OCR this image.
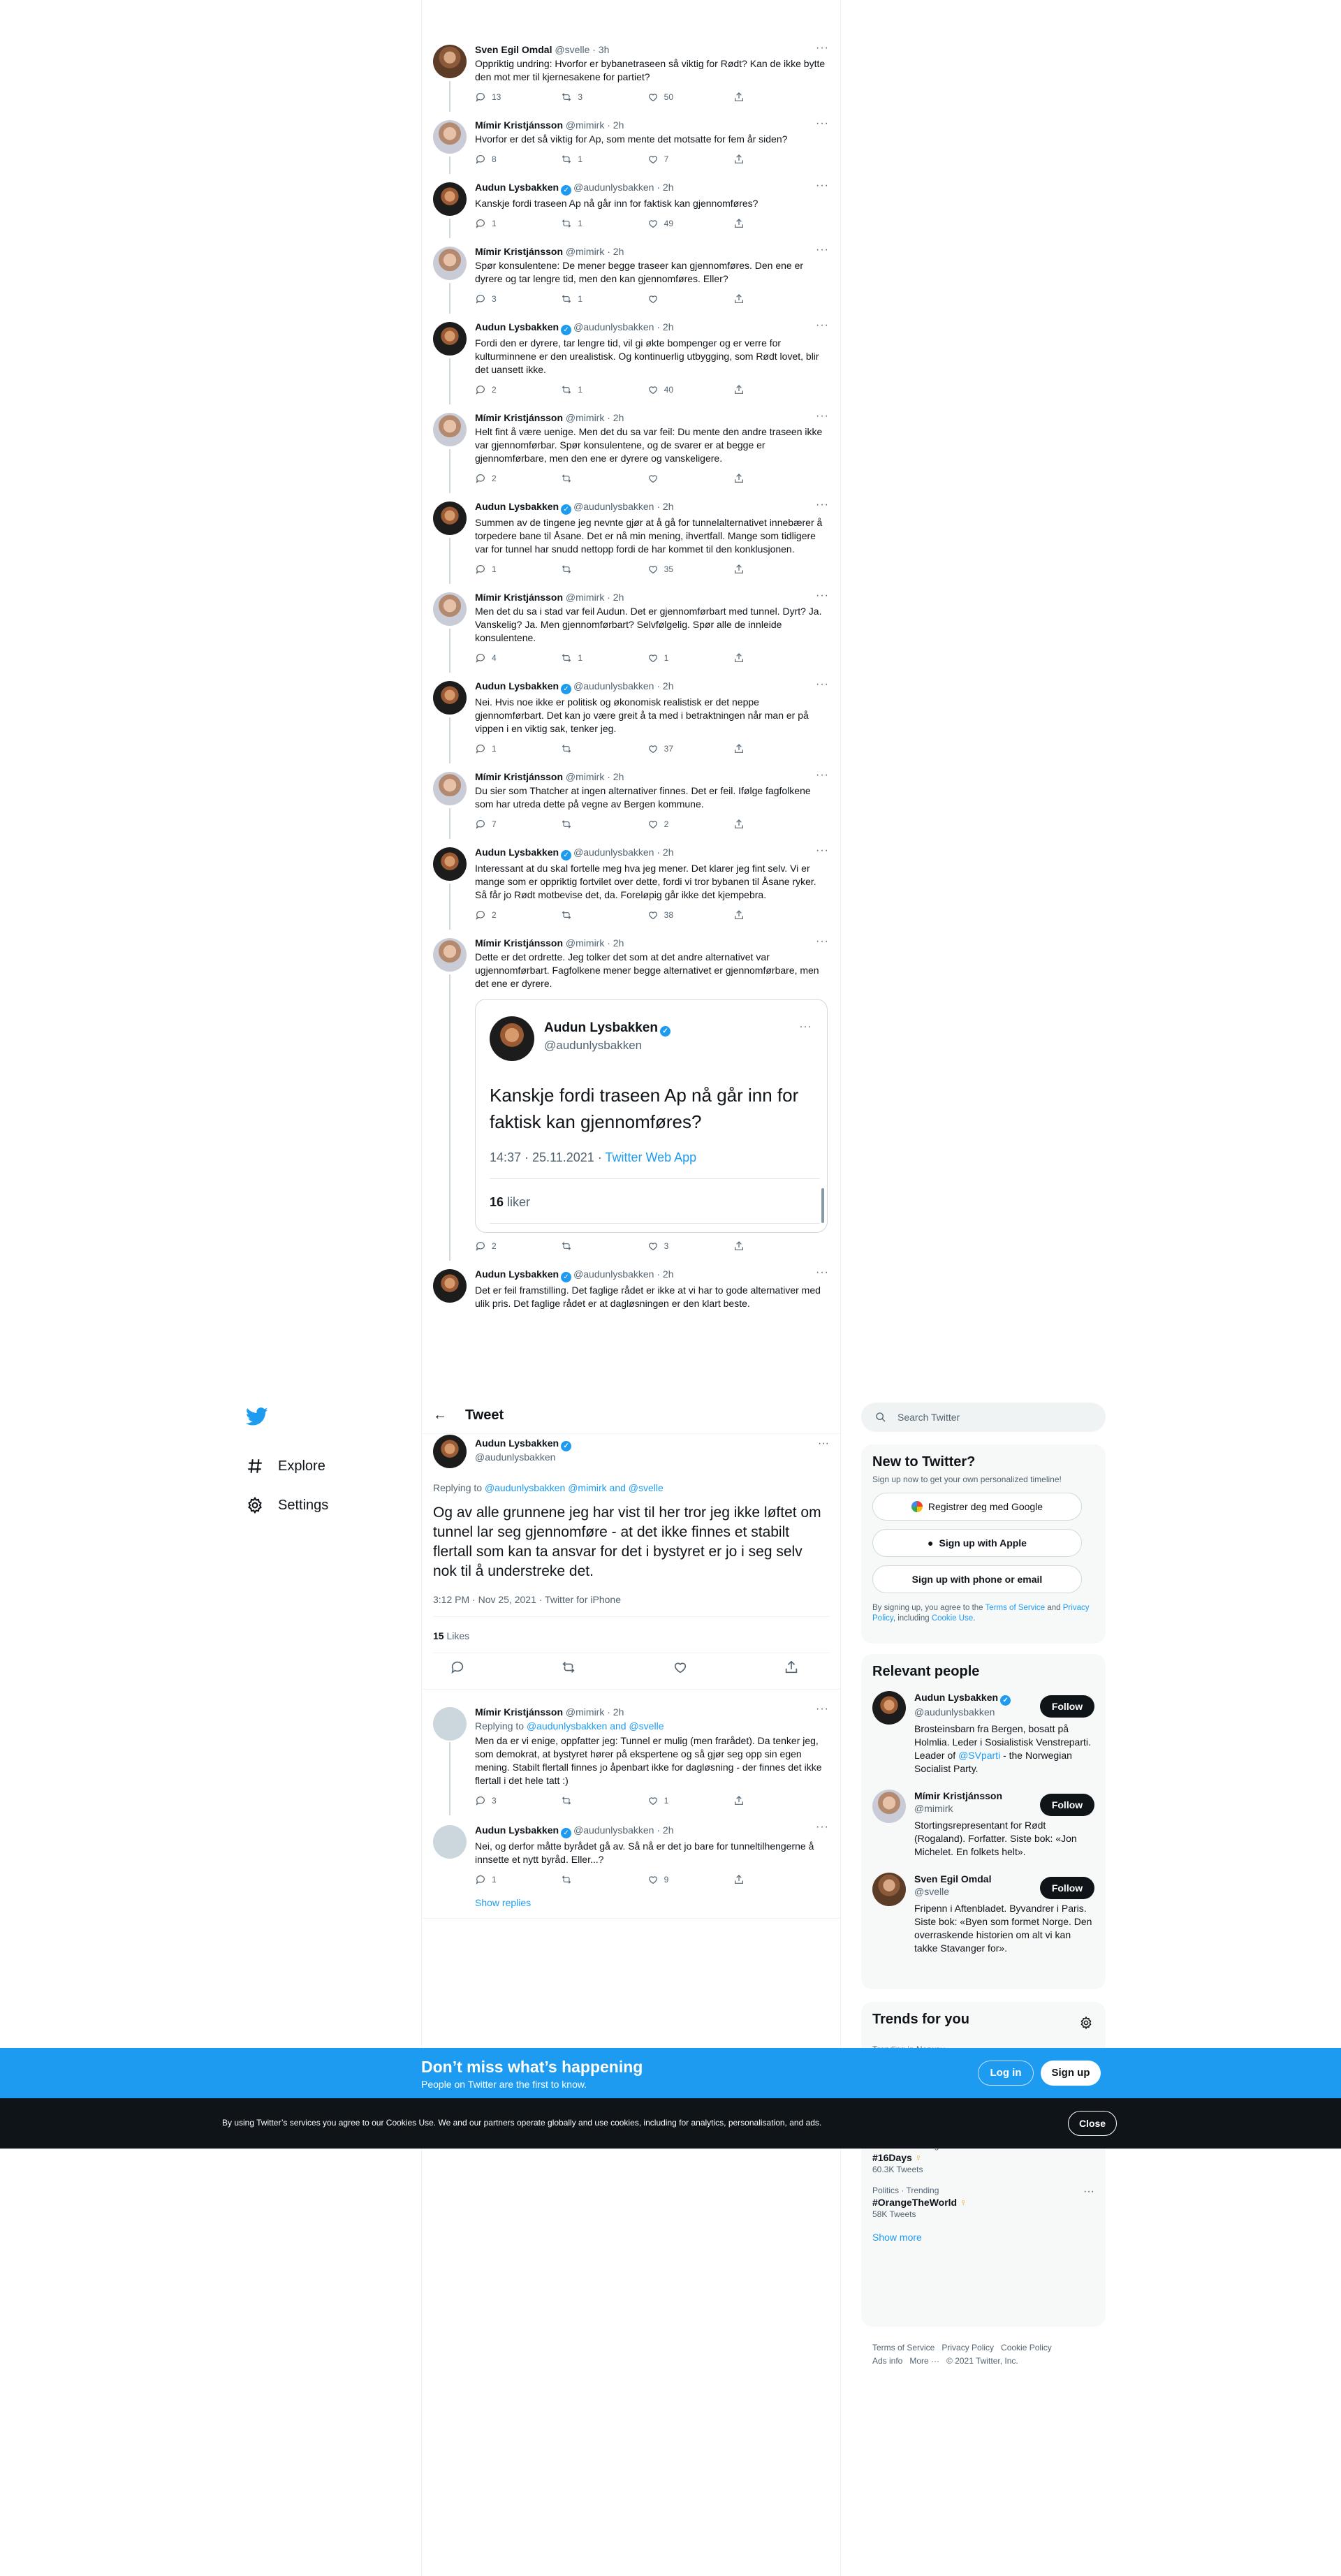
Sven Egil Omdal @svelle · 3h	···
Oppriktig undring: Hvorfor er bybanetraseen så viktig for Rødt? Kan de ikke bytte den mot mer til kjernesakene for partiet?
13	3	50
Mímir Kristjánsson @mimirk · 2h	···
Hvorfor er det så viktig for Ap, som mente det motsatte for fem år siden?
8	1	7
Audun Lysbakken ✓ @audunlysbakken · 2h	···
Kanskje fordi traseen Ap nå går inn for faktisk kan gjennomføres?
1	1	49
Mímir Kristjánsson @mimirk · 2h	···
Spør konsulentene: De mener begge traseer kan gjennomføres. Den ene er dyrere og tar lengre tid, men den kan gjennomføres. Eller?
3	1
Audun Lysbakken ✓ @audunlysbakken · 2h	···
Fordi den er dyrere, tar lengre tid, vil gi økte bompenger og er verre for kulturminnene er den urealistisk. Og kontinuerlig utbygging, som Rødt lovet, blir det uansett ikke.
2	1	40
Mímir Kristjánsson @mimirk · 2h	···
Helt fint å være uenige. Men det du sa var feil: Du mente den andre traseen ikke var gjennomførbar. Spør konsulentene, og de svarer er at begge er gjennomførbare, men den ene er dyrere og vanskeligere.
2
Audun Lysbakken ✓ @audunlysbakken · 2h	···
Summen av de tingene jeg nevnte gjør at å gå for tunnelalternativet innebærer å torpedere bane til Åsane. Det er nå min mening, ihvertfall. Mange som tidligere var for tunnel har snudd nettopp fordi de har kommet til den konklusjonen.
1	35
Mímir Kristjánsson @mimirk · 2h	···
Men det du sa i stad var feil Audun. Det er gjennomførbart med tunnel. Dyrt? Ja. Vanskelig? Ja. Men gjennomførbart? Selvfølgelig. Spør alle de innleide konsulentene.
4	1	1
Audun Lysbakken ✓ @audunlysbakken · 2h	···
Nei. Hvis noe ikke er politisk og økonomisk realistisk er det neppe gjennomførbart. Det kan jo være greit å ta med i betraktningen når man er på vippen i en viktig sak, tenker jeg.
1	37
Mímir Kristjánsson @mimirk · 2h	···
Du sier som Thatcher at ingen alternativer finnes. Det er feil. Ifølge fagfolkene som har utreda dette på vegne av Bergen kommune.
7	2
Audun Lysbakken ✓ @audunlysbakken · 2h	···
Interessant at du skal fortelle meg hva jeg mener. Det klarer jeg fint selv. Vi er mange som er oppriktig fortvilet over dette, fordi vi tror bybanen til Åsane ryker. Så får jo Rødt motbevise det, da. Foreløpig går ikke det kjempebra.
2	38
Mímir Kristjánsson @mimirk · 2h	···
Dette er det ordrette. Jeg tolker det som at det andre alternativet var ugjennomførbart. Fagfolkene mener begge alternativet er gjennomførbare, men det ene er dyrere.
Audun Lysbakken ✓
@audunlysbakken
···
Kanskje fordi traseen Ap nå går inn for faktisk kan gjennomføres?
14:37 · 25.11.2021 · Twitter Web App
16 liker
2	3
Audun Lysbakken ✓ @audunlysbakken · 2h	···
Det er feil framstilling. Det faglige rådet er ikke at vi har to gode alternativer med ulik pris. Det faglige rådet er at dagløsningen er den klart beste.
Explore
Settings
← Tweet
Audun Lysbakken ✓
@audunlysbakken
···
Replying to @audunlysbakken @mimirk and @svelle
Og av alle grunnene jeg har vist til her tror jeg ikke løftet om tunnel lar seg gjennomføre - at det ikke finnes et stabilt flertall som kan ta ansvar for det i bystyret er jo i seg selv nok til å understreke det.
3:12 PM · Nov 25, 2021 · Twitter for iPhone
15 Likes
Mímir Kristjánsson @mimirk · 2h	···
Replying to @audunlysbakken and @svelle
Men da er vi enige, oppfatter jeg: Tunnel er mulig (men frarådet). Da tenker jeg, som demokrat, at bystyret hører på ekspertene og så gjør seg opp sin egen mening. Stabilt flertall finnes jo åpenbart ikke for dagløsning - der finnes det ikke flertall i det hele tatt :)
3	1
Audun Lysbakken ✓ @audunlysbakken · 2h	···
Nei, og derfor måtte byrådet gå av. Så nå er det jo bare for tunneltilhengerne å innsette et nytt byråd. Eller...?
1	9
Show replies
Search Twitter
New to Twitter?
Sign up now to get your own personalized timeline!
Registrer deg med Google
● Sign up with Apple
Sign up with phone or email
By signing up, you agree to the Terms of Service and Privacy Policy, including Cookie Use.
Relevant people
Audun Lysbakken ✓
@audunlysbakken	Follow
Brosteinsbarn fra Bergen, bosatt på Holmlia. Leder i Sosialistisk Venstreparti. Leader of @SVparti - the Norwegian Socialist Party.
Mímir Kristjánsson
@mimirk	Follow
Stortingsrepresentant for Rødt (Rogaland). Forfatter. Siste bok: «Jon Michelet. En folkets helt».
Sven Egil Omdal
@svelle	Follow
Fripenn i Aftenbladet. Byvandrer i Paris. Siste bok: «Byen som formet Norge. Den overraskende historien om alt vi kan takke Stavanger for».
Trends for you
#16Days ♀
60.3K Tweets
Politics · Trending
#OrangeTheWorld ♀
58K Tweets
···
Show more
Terms of Service Privacy Policy Cookie Policy
Ads info More ··· © 2021 Twitter, Inc.
Don’t miss what’s happening
People on Twitter are the first to know.
Log in	Sign up
By using Twitter’s services you agree to our Cookies Use. We and our partners operate globally and use cookies, including for analytics, personalisation, and ads.	Close
